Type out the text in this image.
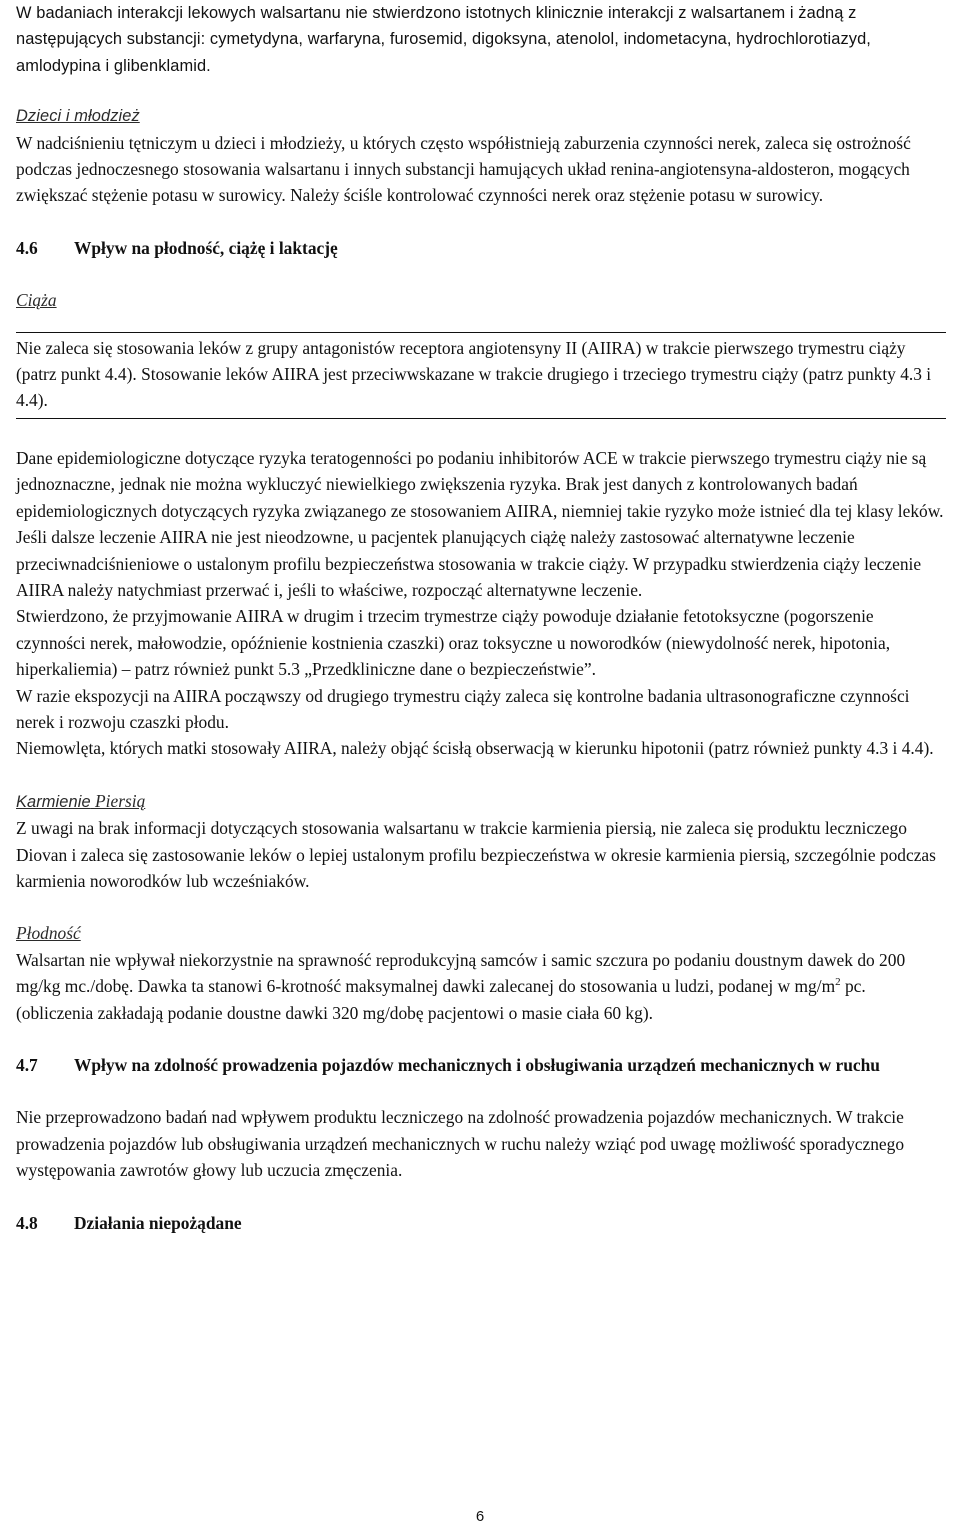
W badaniach interakcji lekowych walsartanu nie stwierdzono istotnych klinicznie interakcji z walsartanem i żadną z następujących substancji: cymetydyna, warfaryna, furosemid, digoksyna, atenolol, indometacyna, hydrochlorotiazyd, amlodypina i glibenklamid.

Dzieci i młodzież

W nadciśnieniu tętniczym u dzieci i młodzieży, u których często współistnieją zaburzenia czynności nerek, zaleca się ostrożność podczas jednoczesnego stosowania walsartanu i innych substancji hamujących układ renina-angiotensyna-aldosteron, mogących zwiększać stężenie potasu w surowicy. Należy ściśle kontrolować czynności nerek oraz stężenie potasu w surowicy.

4.6	Wpływ na płodność, ciążę i laktację

Ciąża

Nie zaleca się stosowania leków z grupy antagonistów receptora angiotensyny II (AIIRA) w trakcie pierwszego trymestru ciąży (patrz punkt 4.4). Stosowanie leków AIIRA jest przeciwwskazane w trakcie drugiego i trzeciego trymestru ciąży (patrz punkty 4.3 i 4.4).

Dane epidemiologiczne dotyczące ryzyka teratogenności po podaniu inhibitorów ACE w trakcie pierwszego trymestru ciąży nie są jednoznaczne, jednak nie można wykluczyć niewielkiego zwiększenia ryzyka. Brak jest danych z kontrolowanych badań epidemiologicznych dotyczących ryzyka związanego ze stosowaniem AIIRA, niemniej takie ryzyko może istnieć dla tej klasy leków. Jeśli dalsze leczenie AIIRA nie jest nieodzowne, u pacjentek planujących ciążę należy zastosować alternatywne leczenie przeciwnadciśnieniowe o ustalonym profilu bezpieczeństwa stosowania w trakcie ciąży. W przypadku stwierdzenia ciąży leczenie AIIRA należy natychmiast przerwać i, jeśli to właściwe, rozpocząć alternatywne leczenie.

Stwierdzono, że przyjmowanie AIIRA w drugim i trzecim trymestrze ciąży powoduje działanie fetotoksyczne (pogorszenie czynności nerek, małowodzie, opóźnienie kostnienia czaszki) oraz toksyczne u noworodków (niewydolność nerek, hipotonia, hiperkaliemia) – patrz również punkt 5.3 „Przedkliniczne dane o bezpieczeństwie”.

W razie ekspozycji na AIIRA począwszy od drugiego trymestru ciąży zaleca się kontrolne badania ultrasonograficzne czynności nerek i rozwoju czaszki płodu.

Niemowlęta, których matki stosowały AIIRA, należy objąć ścisłą obserwacją w kierunku hipotonii (patrz również punkty 4.3 i 4.4).

Karmienie Piersią

Z uwagi na brak informacji dotyczących stosowania walsartanu w trakcie karmienia piersią, nie zaleca się produktu leczniczego Diovan i zaleca się zastosowanie leków o lepiej ustalonym profilu bezpieczeństwa w okresie karmienia piersią, szczególnie podczas karmienia noworodków lub wcześniaków.

Płodność

Walsartan nie wpływał niekorzystnie na sprawność reprodukcyjną samców i samic szczura po podaniu doustnym dawek do 200 mg/kg mc./dobę. Dawka ta stanowi 6-krotność maksymalnej dawki zalecanej do stosowania u ludzi, podanej w $mg/m^2$ pc. (obliczenia zakładają podanie doustne dawki 320 mg/dobę pacjentowi o masie ciała 60 kg).

4.7	Wpływ na zdolność prowadzenia pojazdów mechanicznych i obsługiwania urządzeń mechanicznych w ruchu

Nie przeprowadzono badań nad wpływem produktu leczniczego na zdolność prowadzenia pojazdów mechanicznych. W trakcie prowadzenia pojazdów lub obsługiwania urządzeń mechanicznych w ruchu należy wziąć pod uwagę możliwość sporadycznego występowania zawrotów głowy lub uczucia zmęczenia.

4.8	Działania niepożądane
6
